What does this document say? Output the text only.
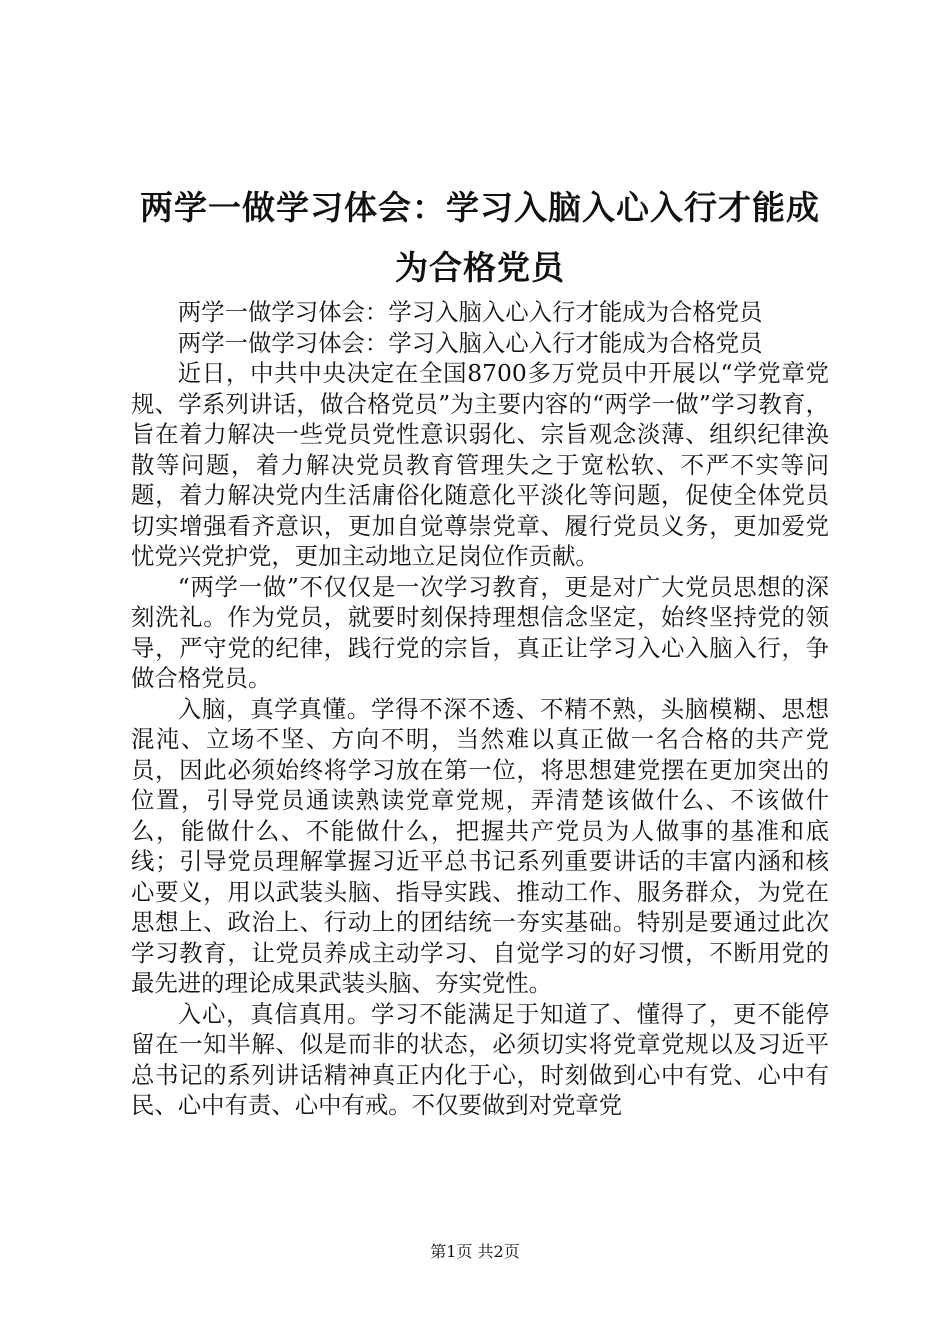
两学一做学习体会：学习入脑入心入行才能成
为合格党员

两学一做学习体会：学习入脑入心入行才能成为合格党员

两学一做学习体会：学习入脑入心入行才能成为合格党员

近日，中共中央决定在全国8700多万党员中开展以“学党章党规、学系列讲话，做合格党员”为主要内容的“两学一做”学习教育，旨在着力解决一些党员党性意识弱化、宗旨观念淡薄、组织纪律涣散等问题，着力解决党员教育管理失之于宽松软、不严不实等问题，着力解决党内生活庸俗化随意化平淡化等问题，促使全体党员切实增强看齐意识，更加自觉尊崇党章、履行党员义务，更加爱党忧党兴党护党，更加主动地立足岗位作贡献。

“两学一做”不仅仅是一次学习教育，更是对广大党员思想的深刻洗礼。作为党员，就要时刻保持理想信念坚定，始终坚持党的领导，严守党的纪律，践行党的宗旨，真正让学习入心入脑入行，争做合格党员。

入脑，真学真懂。学得不深不透、不精不熟，头脑模糊、思想混沌、立场不坚、方向不明，当然难以真正做一名合格的共产党员，因此必须始终将学习放在第一位，将思想建党摆在更加突出的位置，引导党员通读熟读党章党规，弄清楚该做什么、不该做什么，能做什么、不能做什么，把握共产党员为人做事的基准和底线；引导党员理解掌握习近平总书记系列重要讲话的丰富内涵和核心要义，用以武装头脑、指导实践、推动工作、服务群众，为党在思想上、政治上、行动上的团结统一夯实基础。特别是要通过此次学习教育，让党员养成主动学习、自觉学习的好习惯，不断用党的最先进的理论成果武装头脑、夯实党性。

入心，真信真用。学习不能满足于知道了、懂得了，更不能停留在一知半解、似是而非的状态，必须切实将党章党规以及习近平总书记的系列讲话精神真正内化于心，时刻做到心中有党、心中有民、心中有责、心中有戒。不仅要做到对党章党

第1页 共2页
